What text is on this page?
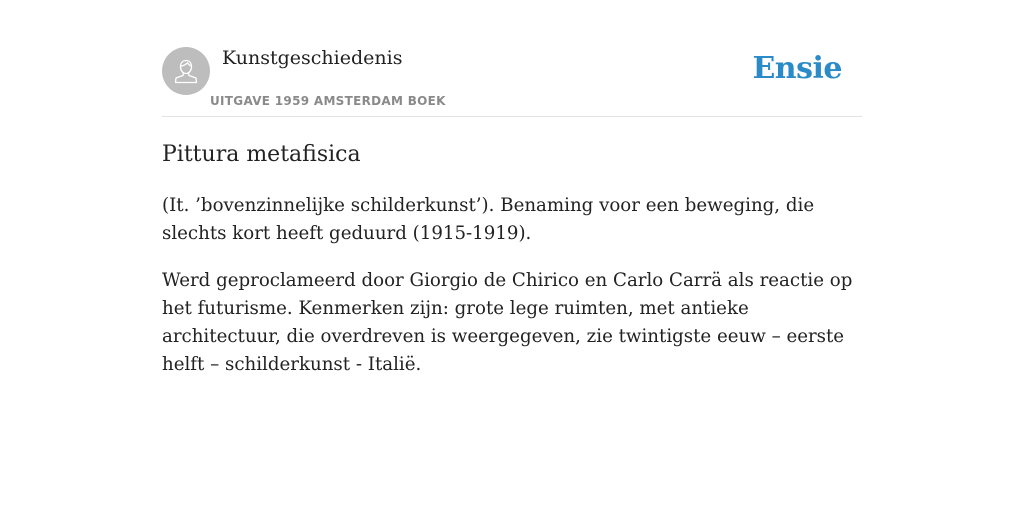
Kunstgeschiedenis
UITGAVE 1959 AMSTERDAM BOEK
Ensie
Pittura metafisica

(It. ’bovenzinnelijke schilderkunst’). Benaming voor een beweging, die slechts kort heeft geduurd (1915-1919).

Werd geproclameerd door Giorgio de Chirico en Carlo Carrä als reactie op het futurisme. Kenmerken zijn: grote lege ruimten, met antieke architectuur, die overdreven is weergegeven, zie twintigste eeuw – eerste helft – schilderkunst - Italië.
